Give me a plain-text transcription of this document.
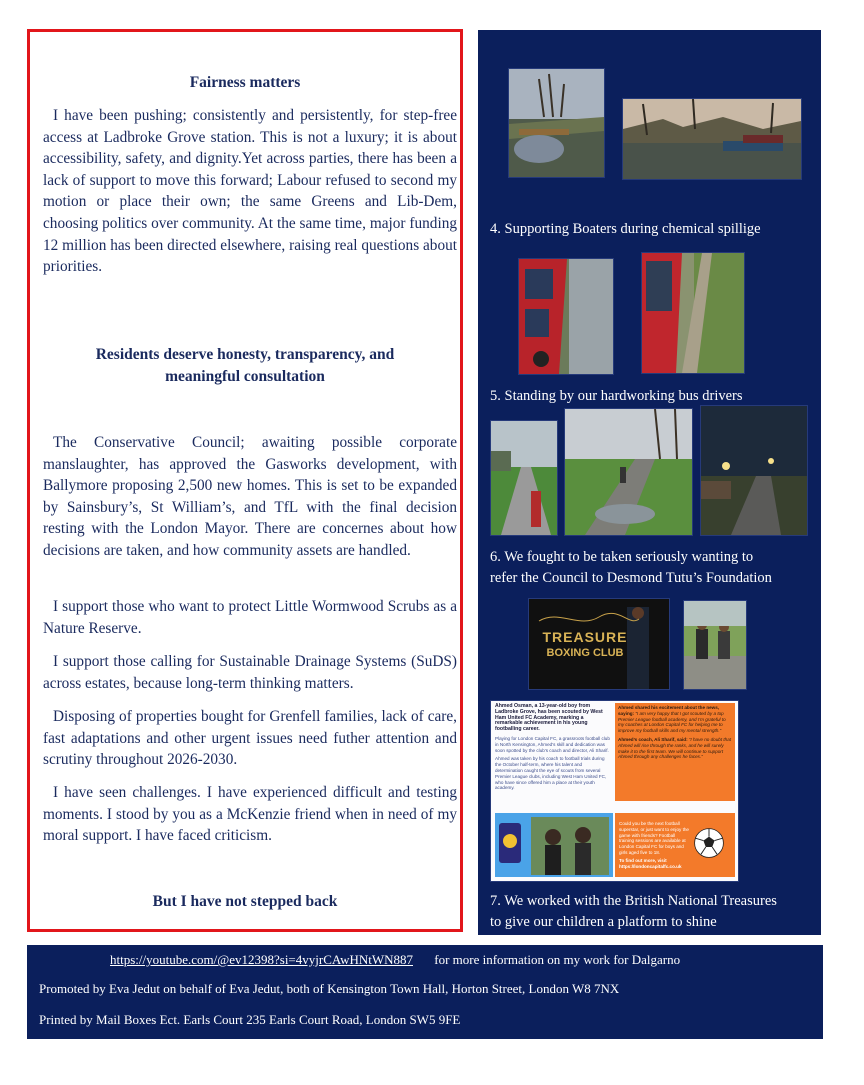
Fairness matters

I have been pushing; consistently and persistently, for step-free access at Ladbroke Grove station. This is not a luxury; it is about accessibility, safety, and dignity.Yet across parties, there has been a lack of support to move this forward; Labour refused to second my motion or place their own; the same Greens and Lib-Dem, choosing politics over community. At the same time, major funding 12 million has been directed elsewhere, raising real questions about priorities.

Residents deserve honesty, transparency, and
meaningful consultation

The Conservative Council; awaiting possible corporate manslaughter, has approved the Gasworks development, with Ballymore proposing 2,500 new homes. This is set to be expanded by Sainsbury’s, St William’s, and TfL with the final decision resting with the London Mayor. There are concernes about how decisions are taken, and how community assets are handled.

I support those who want to protect Little Wormwood Scrubs as a Nature Reserve.

I support those calling for Sustainable Drainage Systems (SuDS) across estates, because long-term thinking matters.

Disposing of properties bought for Grenfell families, lack of care, fast adaptations and other urgent issues need futher attention and scrutiny throughout 2026-2030.

I have seen challenges. I have experienced difficult and testing moments. I stood by you as a McKenzie friend when in need of my moral support. I have faced criticism.

But I have not stepped back
4. Supporting Boaters during chemical spillige
5. Standing by our hardworking bus drivers
6. We fought to be taken seriously wanting to
refer the Council to Desmond Tutu’s Foundation
TREASURE
BOXING CLUB
Ahmed Osman, a 13-year-old boy from Ladbroke Grove, has been scouted by West Ham United FC Academy, marking a remarkable achievement in his young footballing career.
Playing for London Capital FC, a grassroots football club in North Kensington, Ahmed’s skill and dedication was soon spotted by the club’s coach and director, Ali Sharif.
Ahmed was taken by his coach to football trials during the October half-term, where his talent and determination caught the eye of scouts from several Premier League clubs, including West Ham United FC, who have since offered him a place at their youth academy.
Ahmed shared his excitement about the news, saying: “I am very happy that I got scouted by a top Premier League football academy, and I’m grateful to my coaches at London Capital FC for helping me to improve my football skills and my mental strength.”
Ahmed’s coach, Ali Sharif, said: “I have no doubt that Ahmed will rise through the ranks, and he will surely make it to the first team. We will continue to support Ahmed through any challenges he faces.”
Could you be the next football superstar, or just want to enjoy the game with friends? Football training sessions are available at London Capital FC for boys and girls aged five to 18.
To find out more, visit https://londoncapitalfc.co.uk
7. We worked with the British National Treasures
to give our children a platform to shine
https://youtube.com/@ev12398?si=4vyjrCAwHNtWN887 for more information on my work for Dalgarno
Promoted by Eva Jedut on behalf of Eva Jedut, both of Kensington Town Hall, Horton Street, London W8 7NX
Printed by Mail Boxes Ect. Earls Court 235 Earls Court Road, London SW5 9FE
